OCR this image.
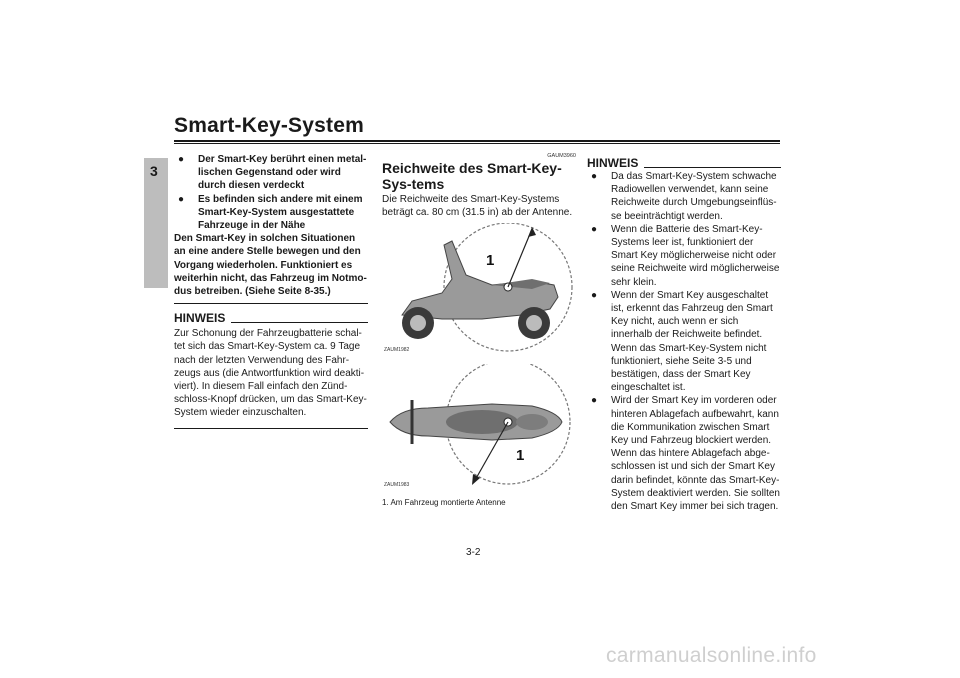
Smart-Key-System
3
● Der Smart-Key berührt einen metal-lischen Gegenstand oder wird durch diesen verdeckt
● Es befinden sich andere mit einem Smart-Key-System ausgestattete Fahrzeuge in der Nähe
Den Smart-Key in solchen Situationen an eine andere Stelle bewegen und den Vorgang wiederholen. Funktioniert es weiterhin nicht, das Fahrzeug im Notmo-dus betreiben. (Siehe Seite 8-35.)
HINWEIS
Zur Schonung der Fahrzeugbatterie schal-tet sich das Smart-Key-System ca. 9 Tage nach der letzten Verwendung des Fahr-zeugs aus (die Antwortfunktion wird deakti-viert). In diesem Fall einfach den Zünd-schloss-Knopf drücken, um das Smart-Key-System wieder einzuschalten.
GAUM3960
Reichweite des Smart-Key-Sys-tems
Die Reichweite des Smart-Key-Systems beträgt ca. 80 cm (31.5 in) ab der Antenne.
1
ZAUM1982
1
ZAUM1983
1. Am Fahrzeug montierte Antenne
HINWEIS
● Da das Smart-Key-System schwache Radiowellen verwendet, kann seine Reichweite durch Umgebungseinflüs-se beeinträchtigt werden.
● Wenn die Batterie des Smart-Key-Systems leer ist, funktioniert der Smart Key möglicherweise nicht oder seine Reichweite wird möglicherweise sehr klein.
● Wenn der Smart Key ausgeschaltet ist, erkennt das Fahrzeug den Smart Key nicht, auch wenn er sich innerhalb der Reichweite befindet. Wenn das Smart-Key-System nicht funktioniert, siehe Seite 3-5 und bestätigen, dass der Smart Key eingeschaltet ist.
● Wird der Smart Key im vorderen oder hinteren Ablagefach aufbewahrt, kann die Kommunikation zwischen Smart Key und Fahrzeug blockiert werden. Wenn das hintere Ablagefach abge-schlossen ist und sich der Smart Key darin befindet, könnte das Smart-Key-System deaktiviert werden. Sie sollten den Smart Key immer bei sich tragen.
3-2
carmanualsonline.info
